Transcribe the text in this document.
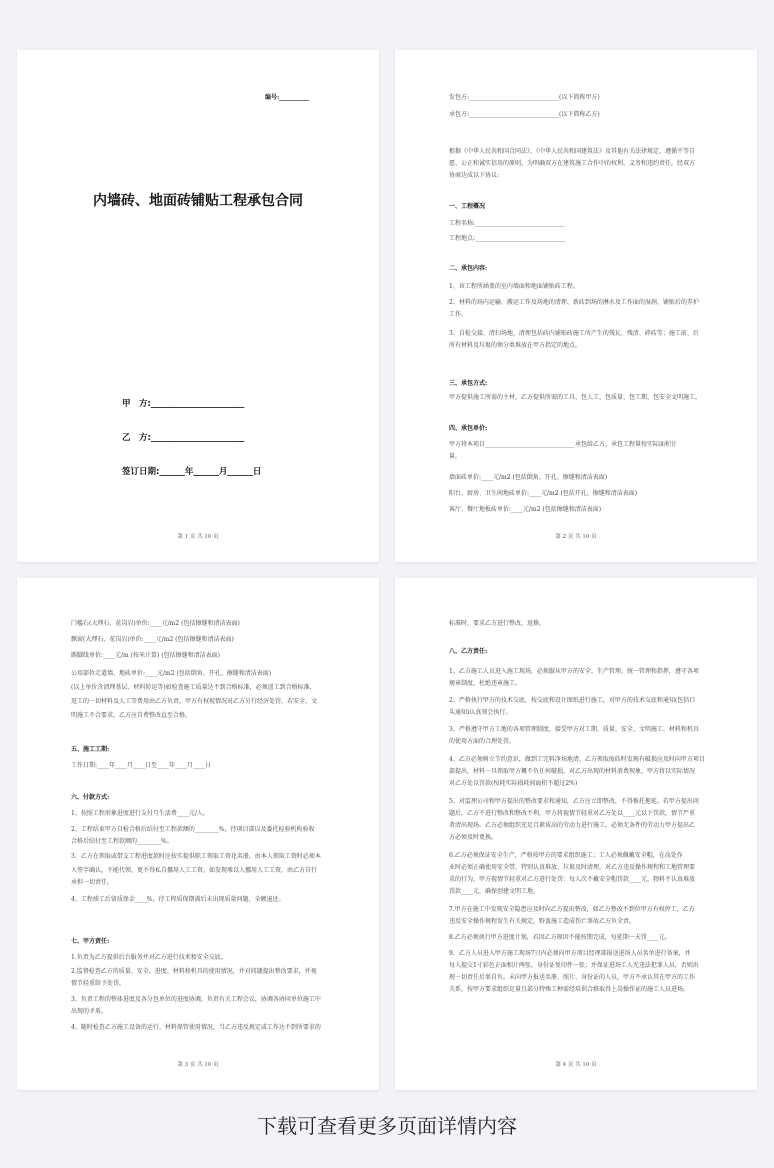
编号:__________
内墙砖、地面砖铺贴工程承包合同
甲　方:______________________
乙　方:______________________
签订日期:______年______月______日
第 1 页 共 10 页
发包方:______________________________(以下简称甲方)
承包方:______________________________(以下简称乙方)
根据《中华人民共和国合同法》、《中华人民共和国建筑法》及其他有关法律规定，遵循平等自
愿、公正和诚实信用的原则，为明确双方在建筑施工合作中的权利、义务和违约责任，经双方
协商达成以下协议:
一、工程概况
工程名称:______________________________
工程地点:______________________________
二、承包内容:
1、该工程所涵盖的室内墙面和地面铺贴砖工程。
2、材料的场内运输、搬运工作及场地的清理、新砖到场的淋水及工作面的湿润、铺贴后的养护
工作。
3、自检交接、清扫场地、清理包括砖内铺贴砖施工所产生的残瓦、残渣、碎砖等；施工前、后
所有材料及垃圾的须分类堆放在甲方指定的地点。
三、承包方式:
甲方提供施工所需的主材，乙方提供所需的工具、包人工、包质量、包工期、包安全文明施工。
四、承包单价:
甲方将本项目______________________________承包给乙方，承包工程量按实际面积计
量。
墙面砖单价:____元/m2 (包括倒角、开孔、擦缝和清洁表面)
阳台、厨房、卫生间地砖单价:____元/m2 (包括开孔、擦缝和清洁表面)
客厅、餐厅地板砖单价:____元/m2 (包括擦缝和清洁表面)
第 2 页 共 10 页
门槛石(大理石、花岗岩)单价:____元/m2 (包括擦缝和清洁表面)
飘窗(大理石、花岗岩)单价:____元/m2 (包括擦缝和清洁表面)
踢脚线单价:____元/m (按米计算) (包括擦缝和清洁表面)
公用部位走道墙、地砖单价:____元/m2 (包括倒角、开孔、擦缝和清洁表面)
(以上单价含清理基层、材料转运等)如检查施工质量达不到合格标准，必须返工到合格标准，
返工的一切材料及人工等费用由乙方负责，甲方有权视情况对乙方另行经济处罚，若安全、文
明施工不合要求，乙方应自费整改直至合格。
五、施工工期:
工作日期:____年____月____日至____年____月____日
六、付款方式:
1、按照工程形象进度进行支付月生活费____元/人。
2、工程结束甲方自检合格后结付至工程款额的________%，待项目部以及委托检验机构验收
合格后结付至工程款额的________%。
3、乙方在领取或借支工程进度款时应按实提供职工领取工资花名册，由本人领取工资时必须本
人签字确认，不能代领，更不得私自挪用人工工资，如发现乘以人挪用人工工资，由乙方自行
承担一切责任。
4、工程竣工后留质保金____%，待工程质保期满后未出现质量问题，全额退还。
七、甲方责任:
1.负责为乙方提供后台服务并对乙方进行技术和安全交底。
2.监督检查乙方的质量、安全、进度、材料和机具的使用情况，并对问题提出整改要求，并视
情节轻重给予处罚。
3、负责工程的整体进度及各分包单位的进度协调，负责有关工程会议，协调各协同单位施工中
出现的矛盾。
4、随时检查乙方施工设备的运行、材料保管使用情况，当乙方违反规定或工作达不到所要求的
第 3 页 共 10 页
标准时，要求乙方进行整改、返修。
八、乙方责任:
1、乙方施工人员进入施工现场，必须服从甲方的安全、生产管理、统一管理和指挥，遵守各项
规章制度，杜绝违章施工。
2、严格执行甲方的技术交底，按交底和设计图纸进行施工，对甲方的技术交底和通知(包括口
头通知)认真领会执行。
3、严格遵守甲方工地的各项管理制度，接受甲方对工期、质量、安全、文明施工、材料和机具
的使用方面的合理处罚。
4、乙方必须树立节约意识，做到工完料净场地清。乙方领取废砖时发现有破损应及时向甲方项目
部提出，材料一旦领取甲方概不负任何破损，对乙方出现的材料浪费现象，甲方将以实际情况
对乙方处以罚款(按耗实际损耗间面积不超过2%)
5、对监理公司和甲方提出的整改要求和通知，乙方应立即整改，不得推托拖延。若甲方提出问
题后，乙方不进行整改和整改不利，甲方将视情节轻重对乙方处以____元以下罚款，情节严重
者清出现场。乙方必须组织充足且素质高的劳动力进行施工，必须无条件的劳动力甲方提出乙
方必须及时更换。
6.乙方必须保证安全生产，严格按甲方的要求组织施工；工人必须佩戴安全帽，在高处作
业时必须正确使用安全带，特别认真堆放、垃圾及时清理，对乙方违反操作规程和工地管理要
求的行为，甲方视情节轻重对乙方进行处罚：每人次不戴安全帽罚款____元，物料不认真堆放
罚款____元，确保创建文明工地。
7.甲方在施工中发现安全隐患应及时向乙方提出整改，如乙方整改不到位甲方有权停工，乙方
违反安全操作规程发生有关规定，野蛮施工造成伤亡事故乙方负全责。
8.乙方必须执行甲方进度计划，若因乙方原因不能按期完成，每延期一天罚____元。
9、乙方人员进入甲方施工现场7日内必须向甲方项目经理部报送进场人员名单进行备案，并
每人提交1寸彩色正面相片两张、身份证复印件一张；并保证进场工人无违法犯罪人员，否则出
现一切责任后果自负。未向甲方报送名册、照片、身份证的人员，甲方不承认其在甲方的工作
关系，按甲方要求组织足量且部分特殊工种需经培训合格取得上岗操作证的施工人员进场。
第 4 页 共 10 页
下载可查看更多页面详情内容
